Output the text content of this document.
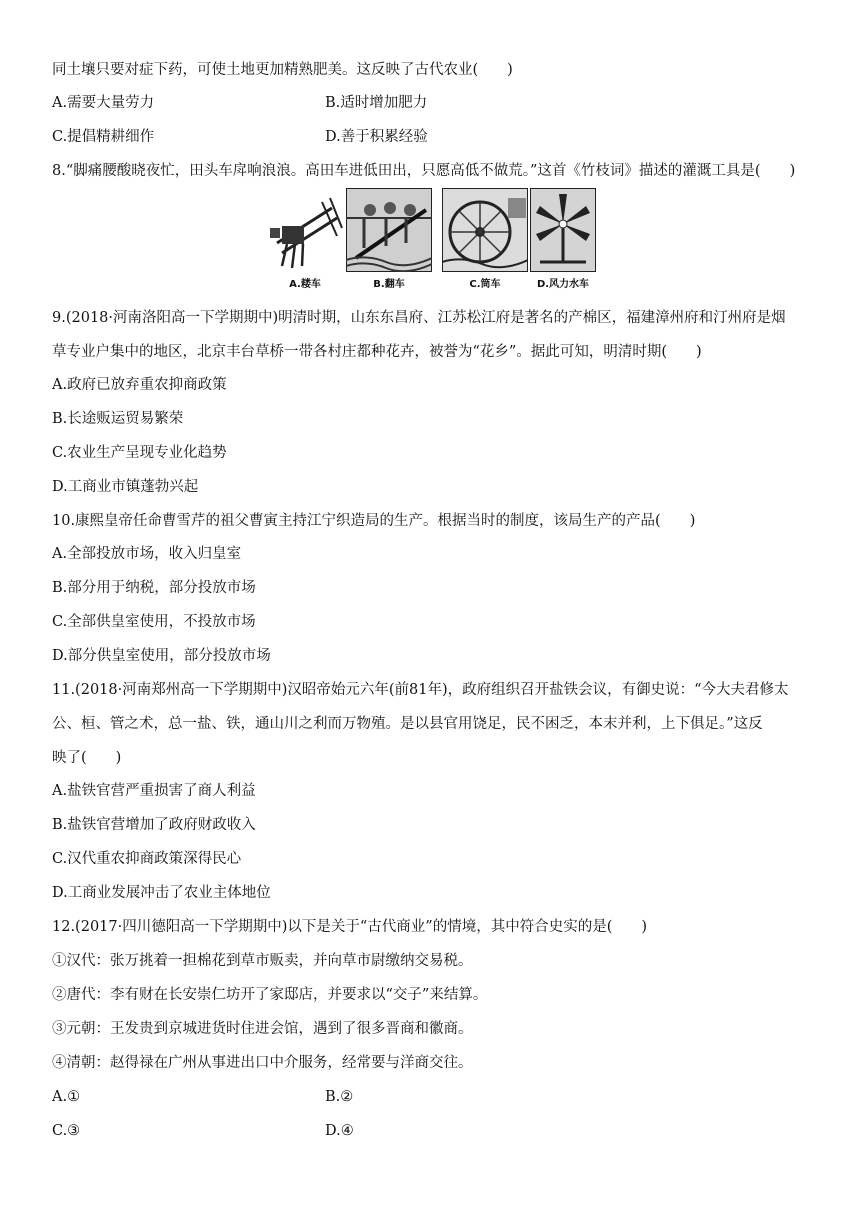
同土壤只要对症下药，可使土地更加精熟肥美。这反映了古代农业(　　)
A.需要大量劳力	B.适时增加肥力
C.提倡精耕细作	D.善于积累经验
8.“脚痛腰酸晓夜忙，田头车戽响浪浪。高田车进低田出，只愿高低不做荒。”这首《竹枝词》描述的灌溉工具是(　　)
A.耧车	B.翻车	C.筒车	D.风力水车
9.(2018·河南洛阳高一下学期期中)明清时期，山东东昌府、江苏松江府是著名的产棉区，福建漳州府和汀州府是烟
草专业户集中的地区，北京丰台草桥一带各村庄都种花卉，被誉为“花乡”。据此可知，明清时期(　　)
A.政府已放弃重农抑商政策
B.长途贩运贸易繁荣
C.农业生产呈现专业化趋势
D.工商业市镇蓬勃兴起
10.康熙皇帝任命曹雪芹的祖父曹寅主持江宁织造局的生产。根据当时的制度，该局生产的产品(　　)
A.全部投放市场，收入归皇室
B.部分用于纳税，部分投放市场
C.全部供皇室使用，不投放市场
D.部分供皇室使用，部分投放市场
11.(2018·河南郑州高一下学期期中)汉昭帝始元六年(前81年)，政府组织召开盐铁会议，有御史说：“今大夫君修太
公、桓、管之术，总一盐、铁，通山川之利而万物殖。是以县官用饶足，民不困乏，本末并利，上下俱足。”这反
映了(　　)
A.盐铁官营严重损害了商人利益
B.盐铁官营增加了政府财政收入
C.汉代重农抑商政策深得民心
D.工商业发展冲击了农业主体地位
12.(2017·四川德阳高一下学期期中)以下是关于“古代商业”的情境，其中符合史实的是(　　)
①汉代：张万挑着一担棉花到草市贩卖，并向草市尉缴纳交易税。
②唐代：李有财在长安崇仁坊开了家邸店，并要求以“交子”来结算。
③元朝：王发贵到京城进货时住进会馆，遇到了很多晋商和徽商。
④清朝：赵得禄在广州从事进出口中介服务，经常要与洋商交往。
A.①	B.②
C.③	D.④
